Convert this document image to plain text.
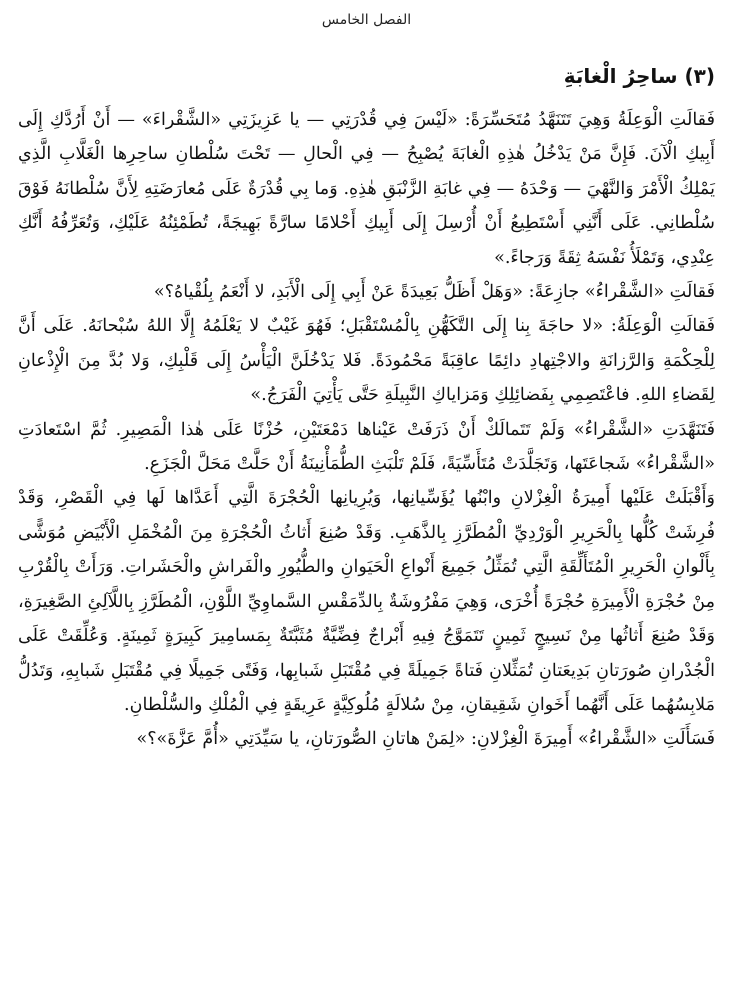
الفصل الخامس
(٣) ساحِرُ الْغابَةِ

فَقالَتِ الْوَعِلَةُ وَهِيَ تَتَنَهَّدُ مُتَحَسِّرَةً: «لَيْسَ فِي قُدْرَتِي — يا عَزِيزَتِي «الشَّقْراءَ» — أَنْ أَرُدَّكِ إِلَى أَبِيكِ الْآنَ. فَإِنَّ مَنْ يَدْخُلُ هٰذِهِ الْغابَةَ يُصْبِحُ — فِي الْحالِ — تَحْتَ سُلْطانِ ساحِرِها الْغَلَّابِ الَّذِي يَمْلِكُ الْأَمْرَ وَالنَّهْيَ — وَحْدَهُ — فِي غابَةِ الزَّنْبَقِ هٰذِهِ. وَما بِي قُدْرَةٌ عَلَى مُعارَضَتِهِ لِأَنَّ سُلْطانَهُ فَوْقَ سُلْطانِي. عَلَى أَنَّنِي أَسْتَطِيعُ أَنْ أُرْسِلَ إِلَى أَبِيكِ أَحْلامًا سارَّةً بَهِيجَةً، تُطَمْئِنُهُ عَلَيْكِ، وَتُعَرِّفُهُ أَنَّكِ عِنْدِي، وَتَمْلَأُ نَفْسَهُ ثِقَةً وَرَجاءً.»

فَقالَتِ «الشَّقْراءُ» جازِعَةً: «وَهَلْ أَظَلُّ بَعِيدَةً عَنْ أَبِي إِلَى الْأَبَدِ، لا أَنْعَمُ بِلُقْياهُ؟»

فَقالَتِ الْوَعِلَةُ: «لا حاجَةَ بِنا إِلَى التَّكَهُّنِ بِالْمُسْتَقْبَلِ؛ فَهُوَ غَيْبٌ لا يَعْلَمُهُ إِلَّا اللهُ سُبْحانَهُ. عَلَى أَنَّ لِلْحِكْمَةِ وَالرَّزانَةِ والاجْتِهادِ دائِمًا عاقِبَةً مَحْمُودَةً. فَلا يَدْخُلَنَّ الْيَأْسُ إِلَى قَلْبِكِ، وَلا بُدَّ مِنَ الْإِذْعانِ لِقَضاءِ اللهِ. فاعْتَصِمِي بِفَضائِلِكِ وَمَزاياكِ النَّبِيلَةِ حَتَّى يَأْتِيَ الْفَرَجُ.»

فَتَنَهَّدَتِ «الشَّقْراءُ» وَلَمْ تَتَمالَكْ أَنْ ذَرَفَتْ عَيْناها دَمْعَتَيْنِ، حُزْنًا عَلَى هٰذا الْمَصِيرِ. ثُمَّ اسْتَعادَتِ «الشَّقْراءُ» شَجاعَتَها، وَتَجَلَّدَتْ مُتَأَسِّيَةً، فَلَمْ تَلْبَثِ الطُّمَأْنِينَةُ أَنْ حَلَّتْ مَحَلَّ الْجَزَعِ.

وَأَقْبَلَتْ عَلَيْها أَمِيرَةُ الْغِزْلانِ وابْنُها يُؤَسِّيانِها، وَيُرِيانِها الْحُجْرَةَ الَّتِي أَعَدَّاها لَها فِي الْقَصْرِ، وَقَدْ فُرِشَتْ كُلُّها بِالْحَرِيرِ الْوَرْدِيِّ الْمُطَرَّزِ بِالذَّهَبِ. وَقَدْ صُنِعَ أَثاثُ الْحُجْرَةِ مِنَ الْمُخْمَلِ الْأَبْيَضِ مُوَشًّى بِأَلْوانِ الْحَرِيرِ الْمُتَأَلِّقَةِ الَّتِي تُمَثِّلُ جَمِيعَ أَنْواعِ الْحَيَوانِ والطُّيُورِ والْفَراشِ والْحَشَراتِ. وَرَأَتْ بِالْقُرْبِ مِنْ حُجْرَةِ الْأَمِيرَةِ حُجْرَةً أُخْرَى، وَهِيَ مَفْرُوشَةٌ بِالدِّمَقْسِ السَّماوِيِّ اللَّوْنِ، الْمُطَرَّزِ بِاللَّآلِئِ الصَّغِيرَةِ، وَقَدْ صُنِعَ أَثاثُها مِنْ نَسِيجٍ ثَمِينٍ تَتَمَوَّجُ فِيهِ أَبْراجٌ فِضِّيَّةٌ مُثَبَّتَةٌ بِمَسامِيرَ كَبِيرَةٍ ثَمِينَةٍ. وَعُلِّقَتْ عَلَى الْجُدْرانِ صُورَتانِ بَدِيعَتانِ تُمَثِّلانِ فَتاةً جَمِيلَةً فِي مُقْتَبَلِ شَبابِها، وَفَتًى جَمِيلًا فِي مُقْتَبَلِ شَبابِهِ، وَتَدُلُّ مَلابِسُهُما عَلَى أَنَّهُما أَخَوانِ شَقِيقانِ، مِنْ سُلالَةٍ مُلُوكِيَّةٍ عَرِيقَةٍ فِي الْمُلْكِ والسُّلْطانِ.

فَسَأَلَتِ «الشَّقْراءُ» أَمِيرَةَ الْغِزْلانِ: «لِمَنْ هاتانِ الصُّورَتانِ، يا سَيِّدَتِي «أُمَّ عَزَّةَ»؟»
